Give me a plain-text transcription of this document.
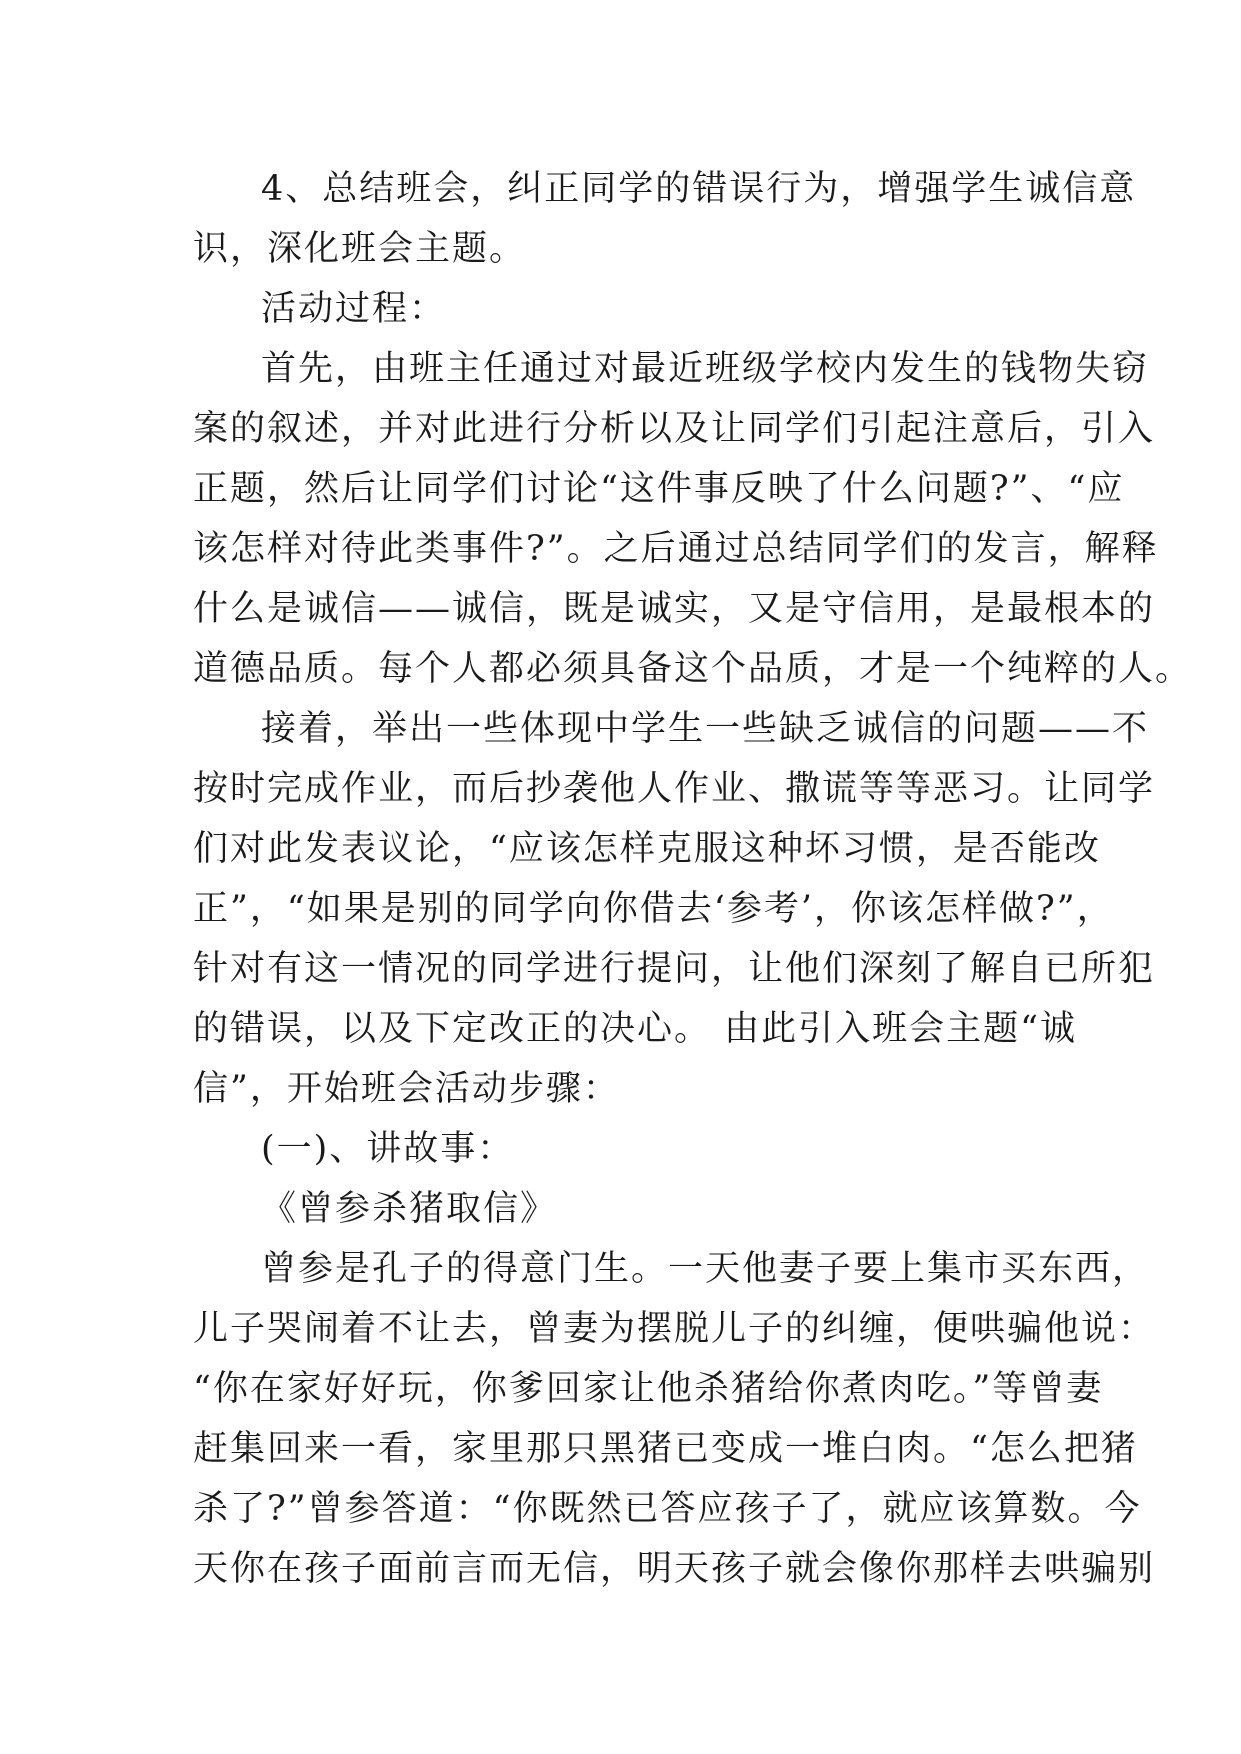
4、总结班会，纠正同学的错误行为，增强学生诚信意
识，深化班会主题。
活动过程：
首先，由班主任通过对最近班级学校内发生的钱物失窃
案的叙述，并对此进行分析以及让同学们引起注意后，引入
正题，然后让同学们讨论“这件事反映了什么问题?”、“应
该怎样对待此类事件?”。之后通过总结同学们的发言，解释
什么是诚信——诚信，既是诚实，又是守信用，是最根本的
道德品质。每个人都必须具备这个品质，才是一个纯粹的人。
接着，举出一些体现中学生一些缺乏诚信的问题——不
按时完成作业，而后抄袭他人作业、撒谎等等恶习。让同学
们对此发表议论，“应该怎样克服这种坏习惯，是否能改
正”，“如果是别的同学向你借去‘参考’，你该怎样做?”，
针对有这一情况的同学进行提问，让他们深刻了解自已所犯
的错误，以及下定改正的决心。 由此引入班会主题“诚
信”，开始班会活动步骤：
(一)、讲故事：
《曾参杀猪取信》
曾参是孔子的得意门生。一天他妻子要上集市买东西，
儿子哭闹着不让去，曾妻为摆脱儿子的纠缠，便哄骗他说：
“你在家好好玩，你爹回家让他杀猪给你煮肉吃。”等曾妻
赶集回来一看，家里那只黑猪已变成一堆白肉。“怎么把猪
杀了?”曾参答道：“你既然已答应孩子了，就应该算数。今
天你在孩子面前言而无信，明天孩子就会像你那样去哄骗别
